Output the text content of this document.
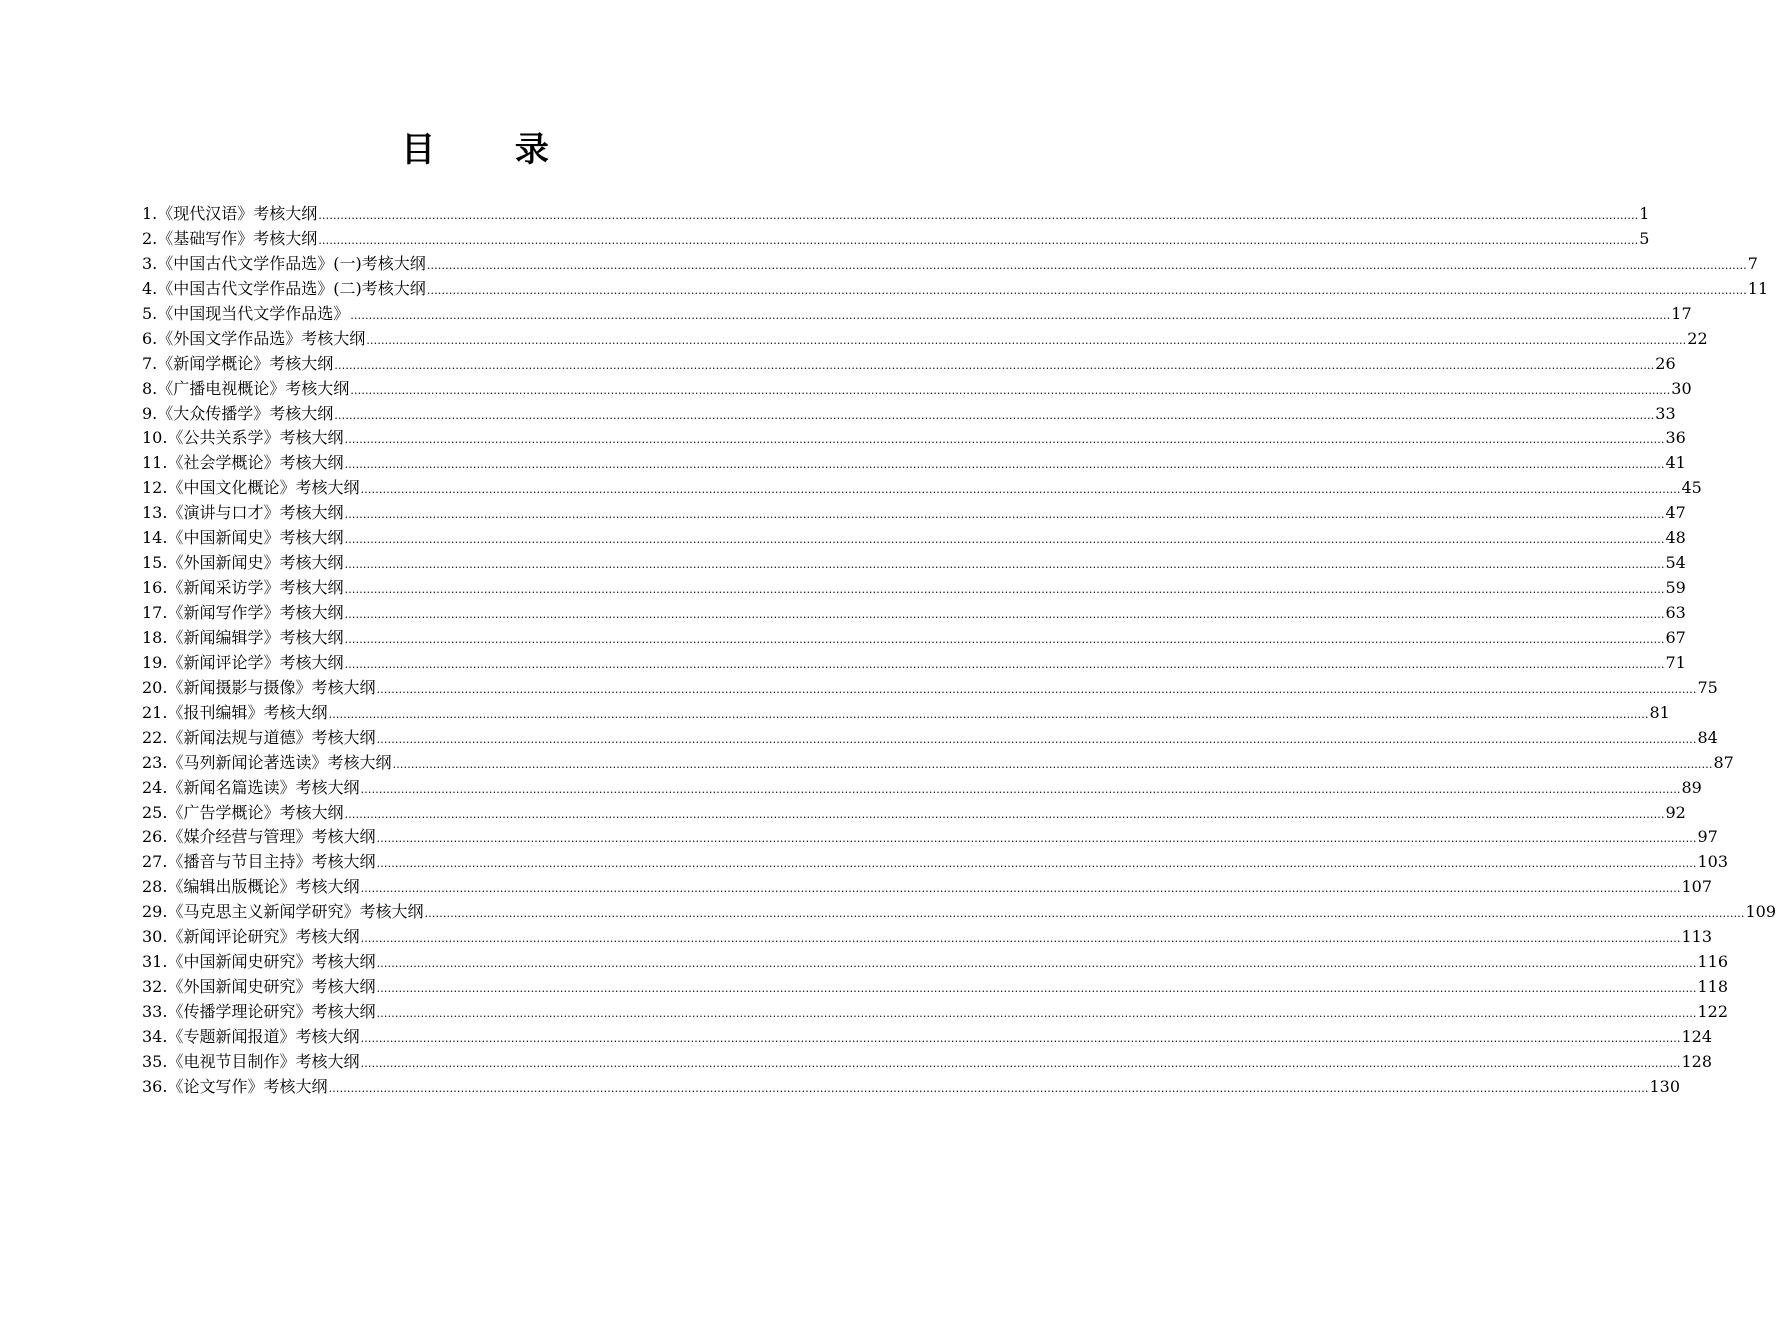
目 录
1. 《现代汉语》考核大纲 ……………………………………………………………………………………………………………………………………………………………………………………………………………………………………………………………………………………………………………………………… 1
2. 《基础写作》考核大纲 ……………………………………………………………………………………………………………………………………………………………………………………………………………………………………………………………………………………………………………………………… 5
3. 《中国古代文学作品选》(一)考核大纲 ……………………………………………………………………………………………………………………………………………………………………………………………………………………………………………………………………………………………………………………………… 7
4. 《中国古代文学作品选》(二)考核大纲 ……………………………………………………………………………………………………………………………………………………………………………………………………………………………………………………………………………………………………………………………… 11
5. 《中国现当代文学作品选》 ……………………………………………………………………………………………………………………………………………………………………………………………………………………………………………………………………………………………………………………………… 17
6. 《外国文学作品选》考核大纲 ……………………………………………………………………………………………………………………………………………………………………………………………………………………………………………………………………………………………………………………………… 22
7. 《新闻学概论》考核大纲 ……………………………………………………………………………………………………………………………………………………………………………………………………………………………………………………………………………………………………………………………… 26
8. 《广播电视概论》考核大纲 ……………………………………………………………………………………………………………………………………………………………………………………………………………………………………………………………………………………………………………………………… 30
9. 《大众传播学》考核大纲 ……………………………………………………………………………………………………………………………………………………………………………………………………………………………………………………………………………………………………………………………… 33
10. 《公共关系学》考核大纲 ……………………………………………………………………………………………………………………………………………………………………………………………………………………………………………………………………………………………………………………………… 36
11. 《社会学概论》考核大纲 ……………………………………………………………………………………………………………………………………………………………………………………………………………………………………………………………………………………………………………………………… 41
12. 《中国文化概论》考核大纲 ……………………………………………………………………………………………………………………………………………………………………………………………………………………………………………………………………………………………………………………………… 45
13. 《演讲与口才》考核大纲 ……………………………………………………………………………………………………………………………………………………………………………………………………………………………………………………………………………………………………………………………… 47
14. 《中国新闻史》考核大纲 ……………………………………………………………………………………………………………………………………………………………………………………………………………………………………………………………………………………………………………………………… 48
15. 《外国新闻史》考核大纲 ……………………………………………………………………………………………………………………………………………………………………………………………………………………………………………………………………………………………………………………………… 54
16. 《新闻采访学》考核大纲 ……………………………………………………………………………………………………………………………………………………………………………………………………………………………………………………………………………………………………………………………… 59
17. 《新闻写作学》考核大纲 ……………………………………………………………………………………………………………………………………………………………………………………………………………………………………………………………………………………………………………………………… 63
18. 《新闻编辑学》考核大纲 ……………………………………………………………………………………………………………………………………………………………………………………………………………………………………………………………………………………………………………………………… 67
19. 《新闻评论学》考核大纲 ……………………………………………………………………………………………………………………………………………………………………………………………………………………………………………………………………………………………………………………………… 71
20. 《新闻摄影与摄像》考核大纲 ……………………………………………………………………………………………………………………………………………………………………………………………………………………………………………………………………………………………………………………………… 75
21. 《报刊编辑》考核大纲 ……………………………………………………………………………………………………………………………………………………………………………………………………………………………………………………………………………………………………………………………… 81
22. 《新闻法规与道德》考核大纲 ……………………………………………………………………………………………………………………………………………………………………………………………………………………………………………………………………………………………………………………………… 84
23. 《马列新闻论著选读》考核大纲 ……………………………………………………………………………………………………………………………………………………………………………………………………………………………………………………………………………………………………………………………… 87
24. 《新闻名篇选读》考核大纲 ……………………………………………………………………………………………………………………………………………………………………………………………………………………………………………………………………………………………………………………………… 89
25. 《广告学概论》考核大纲 ……………………………………………………………………………………………………………………………………………………………………………………………………………………………………………………………………………………………………………………………… 92
26. 《媒介经营与管理》考核大纲 ……………………………………………………………………………………………………………………………………………………………………………………………………………………………………………………………………………………………………………………………… 97
27. 《播音与节目主持》考核大纲 ……………………………………………………………………………………………………………………………………………………………………………………………………………………………………………………………………………………………………………………………… 103
28. 《编辑出版概论》考核大纲 ……………………………………………………………………………………………………………………………………………………………………………………………………………………………………………………………………………………………………………………………… 107
29. 《马克思主义新闻学研究》考核大纲 ……………………………………………………………………………………………………………………………………………………………………………………………………………………………………………………………………………………………………………………………… 109
30. 《新闻评论研究》考核大纲 ……………………………………………………………………………………………………………………………………………………………………………………………………………………………………………………………………………………………………………………………… 113
31. 《中国新闻史研究》考核大纲 ……………………………………………………………………………………………………………………………………………………………………………………………………………………………………………………………………………………………………………………………… 116
32. 《外国新闻史研究》考核大纲 ……………………………………………………………………………………………………………………………………………………………………………………………………………………………………………………………………………………………………………………………… 118
33. 《传播学理论研究》考核大纲 ……………………………………………………………………………………………………………………………………………………………………………………………………………………………………………………………………………………………………………………………… 122
34. 《专题新闻报道》考核大纲 ……………………………………………………………………………………………………………………………………………………………………………………………………………………………………………………………………………………………………………………………… 124
35. 《电视节目制作》考核大纲 ……………………………………………………………………………………………………………………………………………………………………………………………………………………………………………………………………………………………………………………………… 128
36. 《论文写作》考核大纲 ……………………………………………………………………………………………………………………………………………………………………………………………………………………………………………………………………………………………………………………………… 130
